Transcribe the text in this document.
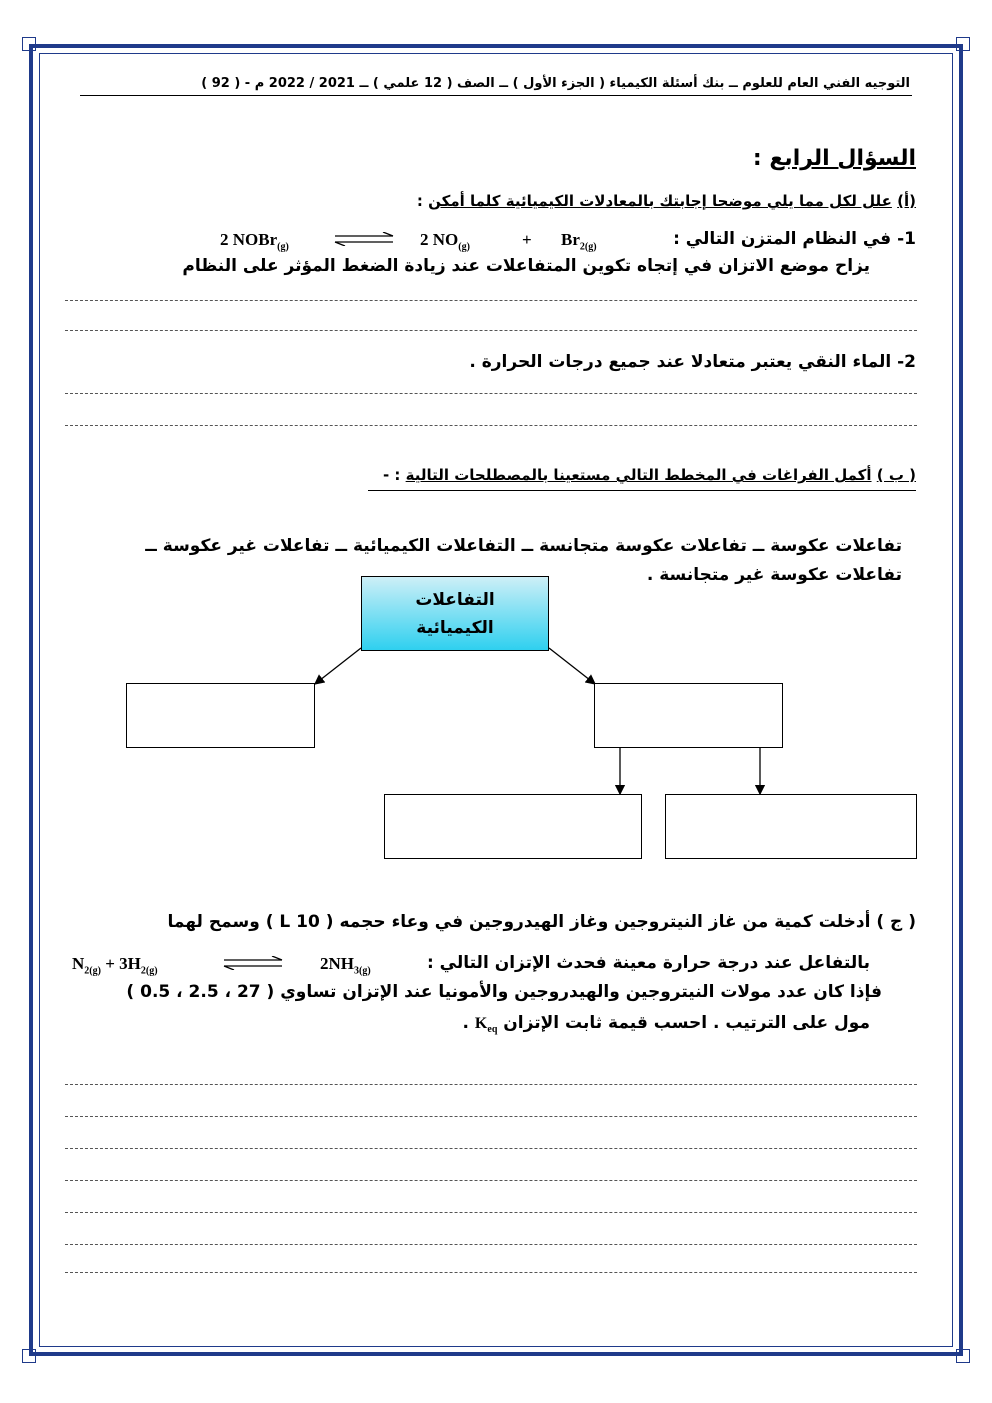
التوجيه الفني العام للعلوم ــ بنك أسئلة الكيمياء ( الجزء الأول ) ــ الصف ( 12 علمي ) ــ 2021 / 2022 م - ( 92 )
السؤال الرابع :
(أ) علل لكل مما يلي موضحا إجابتك بالمعادلات الكيميائية كلما أمكن :
1- في النظام المتزن التالي :
2 NOBr$_{(g)}$ ⇌ 2 $NO_{(g)}$	+ $Br_{2(g)}$
يزاح موضع الاتزان في إتجاه تكوين المتفاعلات عند زيادة الضغط المؤثر على النظام
2- الماء النقي يعتبر متعادلا عند جميع درجات الحرارة .
( ب ) أكمل الفراغات في المخطط التالي مستعينا بالمصطلحات التالية : -
تفاعلات عكوسة ــ تفاعلات عكوسة متجانسة ــ التفاعلات الكيميائية ــ تفاعلات غير عكوسة ــ
تفاعلات عكوسة غير متجانسة .
التفاعلات
الكيميائية
( ج ) أدخلت كمية من غاز النيتروجين وغاز الهيدروجين في وعاء حجمه ( 10 L ) وسمح لهما
بالتفاعل عند درجة حرارة معينة فحدث الإتزان التالي :
$N_{2(g)} + 3H_{2(g)}$	$2NH_{3(g)}$
فإذا كان عدد مولات النيتروجين والهيدروجين والأمونيا عند الإتزان تساوي ( 27 ، 2.5 ، 0.5 )
مول على الترتيب . احسب قيمة ثابت الإتزان $K_{eq}$ .
